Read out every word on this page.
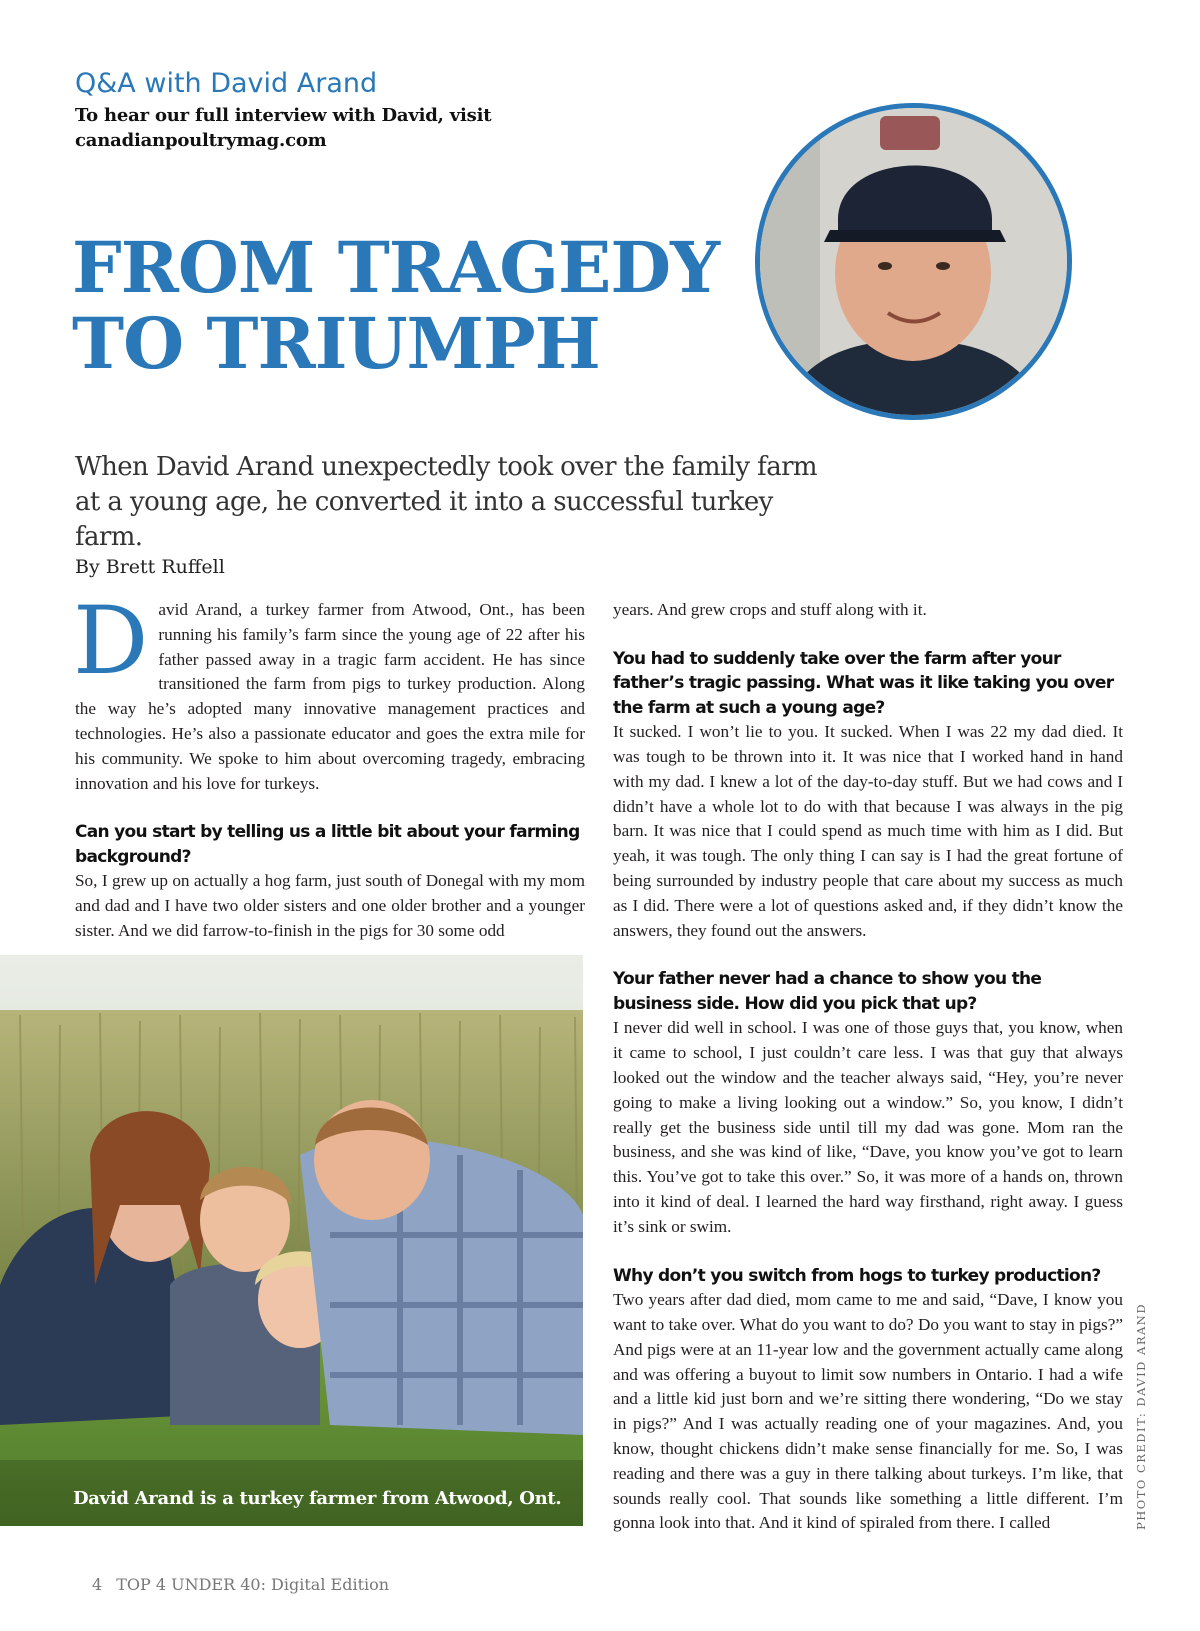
Q&A with David Arand
To hear our full interview with David, visit
canadianpoultrymag.com
FROM TRAGEDY
TO TRIUMPH
When David Arand unexpectedly took over the family farm at a young age, he converted it into a successful turkey farm.
By Brett Ruffell

David Arand, a turkey farmer from Atwood, Ont., has been running his family’s farm since the young age of 22 after his father passed away in a tragic farm accident. He has since transitioned the farm from pigs to turkey production. Along the way he’s adopted many innovative management practices and technologies. He’s also a passionate educator and goes the extra mile for his community. We spoke to him about overcoming tragedy, embracing innovation and his love for turkeys.

Can you start by telling us a little bit about your farming background?

So, I grew up on actually a hog farm, just south of Donegal with my mom and dad and I have two older sisters and one older brother and a younger sister. And we did farrow-to-finish in the pigs for 30 some odd

years. And grew crops and stuff along with it.

You had to suddenly take over the farm after your father’s tragic passing. What was it like taking you over the farm at such a young age?

It sucked. I won’t lie to you. It sucked. When I was 22 my dad died. It was tough to be thrown into it. It was nice that I worked hand in hand with my dad. I knew a lot of the day-to-day stuff. But we had cows and I didn’t have a whole lot to do with that because I was always in the pig barn. It was nice that I could spend as much time with him as I did. But yeah, it was tough. The only thing I can say is I had the great fortune of being surrounded by industry people that care about my success as much as I did. There were a lot of questions asked and, if they didn’t know the answers, they found out the answers.

Your father never had a chance to show you the business side. How did you pick that up?

I never did well in school. I was one of those guys that, you know, when it came to school, I just couldn’t care less. I was that guy that always looked out the window and the teacher always said, “Hey, you’re never going to make a living looking out a window.” So, you know, I didn’t really get the business side until till my dad was gone. Mom ran the business, and she was kind of like, “Dave, you know you’ve got to learn this. You’ve got to take this over.” So, it was more of a hands on, thrown into it kind of deal. I learned the hard way firsthand, right away. I guess it’s sink or swim.

Why don’t you switch from hogs to turkey production?

Two years after dad died, mom came to me and said, “Dave, I know you want to take over. What do you want to do? Do you want to stay in pigs?” And pigs were at an 11-year low and the government actually came along and was offering a buyout to limit sow numbers in Ontario. I had a wife and a little kid just born and we’re sitting there wondering, “Do we stay in pigs?” And I was actually reading one of your magazines. And, you know, thought chickens didn’t make sense financially for me. So, I was reading and there was a guy in there talking about turkeys. I’m like, that sounds really cool. That sounds like something a little different. I’m gonna look into that. And it kind of spiraled from there. I called

David Arand is a turkey farmer from Atwood, Ont.	PHOTO CREDIT: DAVID ARAND
4 TOP 4 UNDER 40: Digital Edition
